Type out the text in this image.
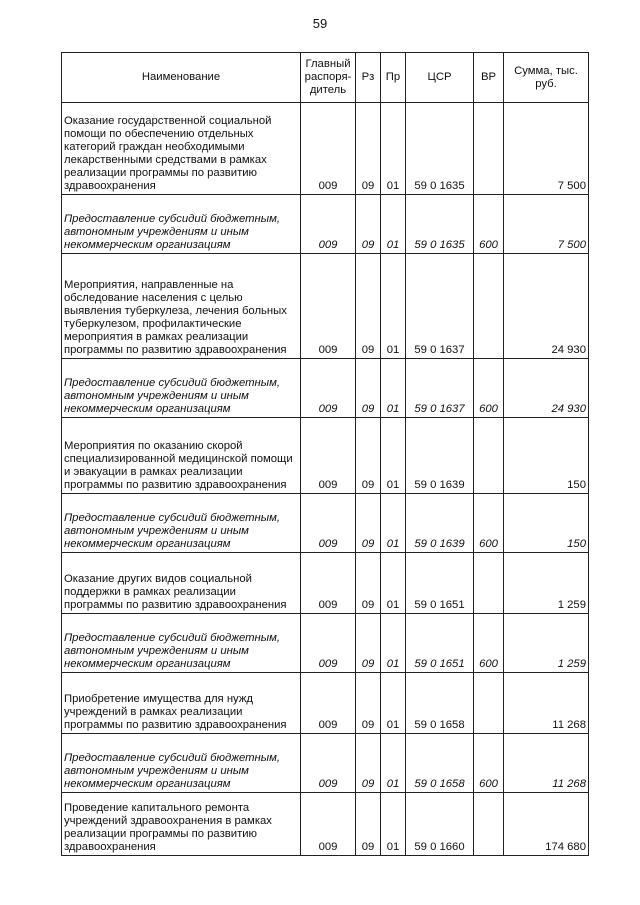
59
Наименование	Главный распоря-дитель	Рз	Пр	ЦСР	ВР	Сумма, тыс. руб.
Оказание государственной социальной помощи по обеспечению отдельных категорий граждан необходимыми лекарственными средствами в рамках реализации программы по развитию здравоохранения	009	09	01	59 0 1635		7 500
Предоставление субсидий бюджетным, автономным учреждениям и иным некоммерческим организациям	009	09	01	59 0 1635	600	7 500
Мероприятия, направленные на обследование населения с целью выявления туберкулеза, лечения больных туберкулезом, профилактические мероприятия в рамках реализации программы по развитию здравоохранения	009	09	01	59 0 1637		24 930
Предоставление субсидий бюджетным, автономным учреждениям и иным некоммерческим организациям	009	09	01	59 0 1637	600	24 930
Мероприятия по оказанию скорой специализированной медицинской помощи и эвакуации в рамках реализации программы по развитию здравоохранения	009	09	01	59 0 1639		150
Предоставление субсидий бюджетным, автономным учреждениям и иным некоммерческим организациям	009	09	01	59 0 1639	600	150
Оказание других видов социальной поддержки в рамках реализации программы по развитию здравоохранения	009	09	01	59 0 1651		1 259
Предоставление субсидий бюджетным, автономным учреждениям и иным некоммерческим организациям	009	09	01	59 0 1651	600	1 259
Приобретение имущества для нужд учреждений в рамках реализации программы по развитию здравоохранения	009	09	01	59 0 1658		11 268
Предоставление субсидий бюджетным, автономным учреждениям и иным некоммерческим организациям	009	09	01	59 0 1658	600	11 268
Проведение капитального ремонта учреждений здравоохранения в рамках реализации программы по развитию здравоохранения	009	09	01	59 0 1660		174 680
